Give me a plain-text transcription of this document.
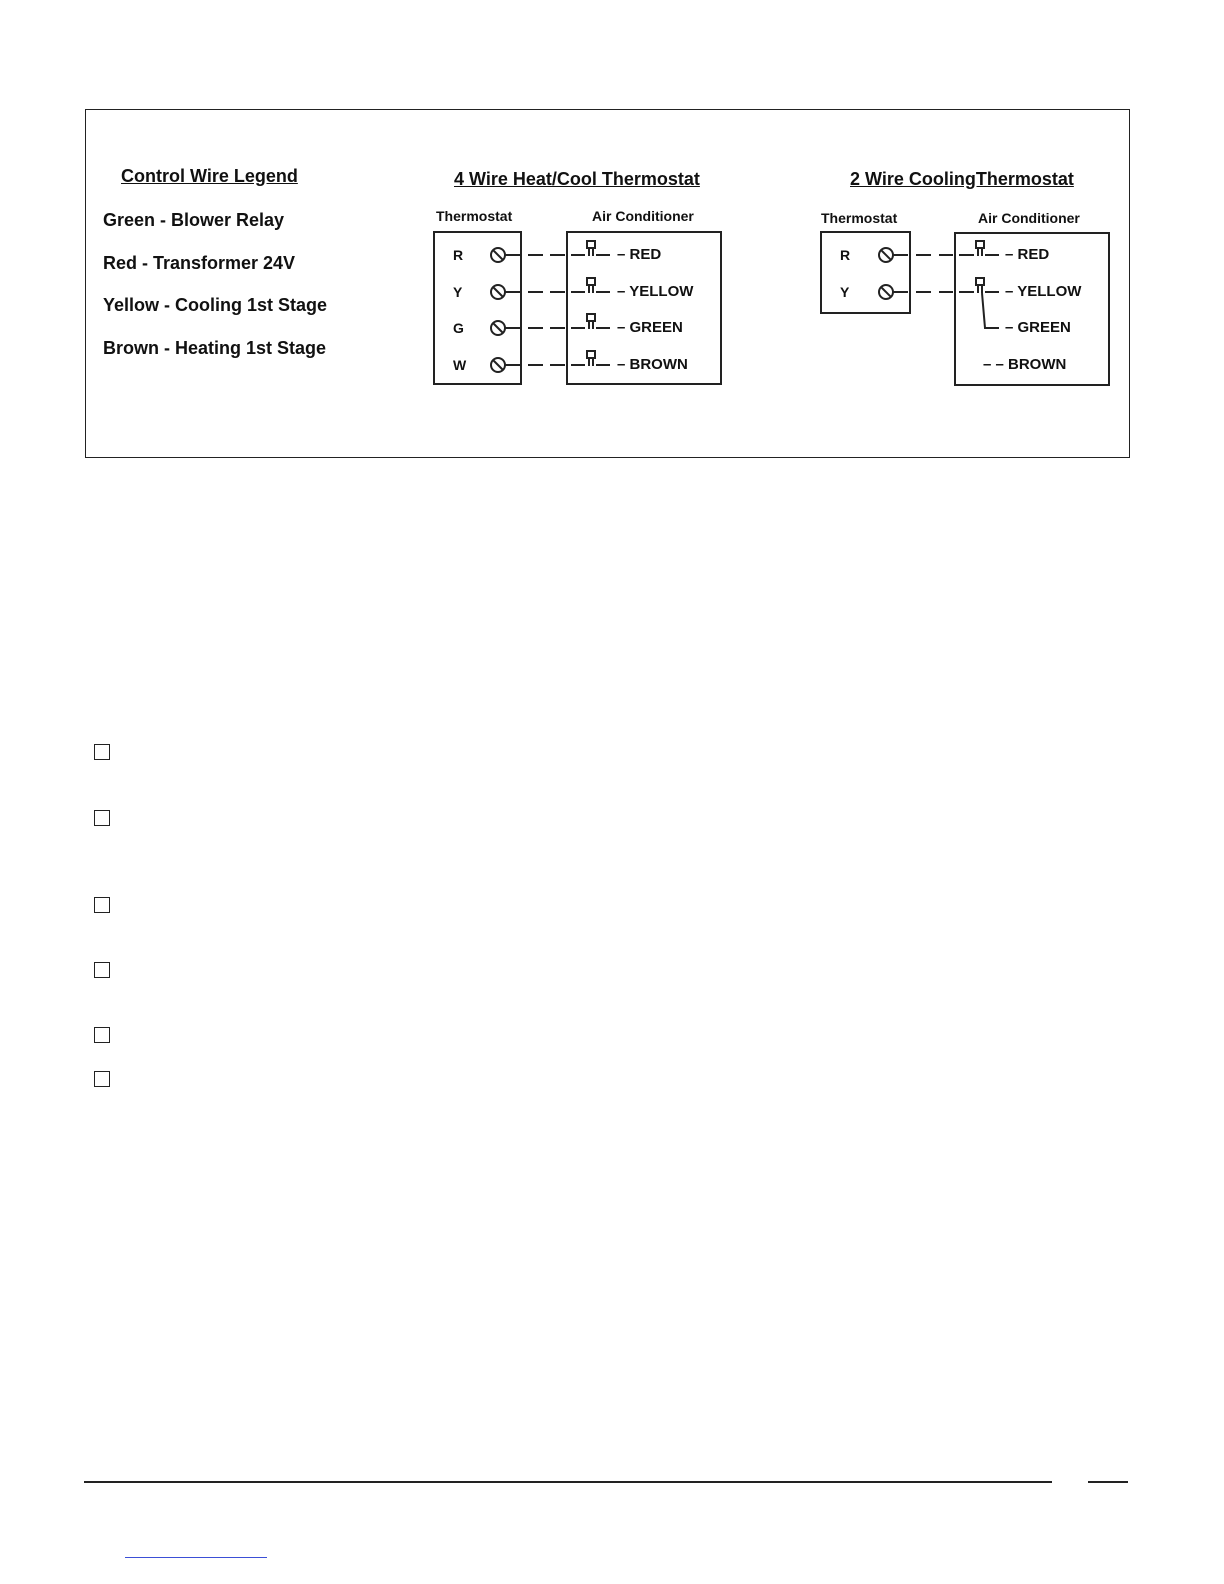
Control Wire Legend
Green - Blower Relay
Red - Transformer 24V
Yellow - Cooling 1st Stage
Brown - Heating 1st Stage
4 Wire Heat/Cool Thermostat
Thermostat	Air Conditioner
R
Y
G
W
– RED
– YELLOW
– GREEN
– BROWN
2 Wire CoolingThermostat
Thermostat	Air Conditioner
R
Y
– RED
– YELLOW
– GREEN
– – BROWN
